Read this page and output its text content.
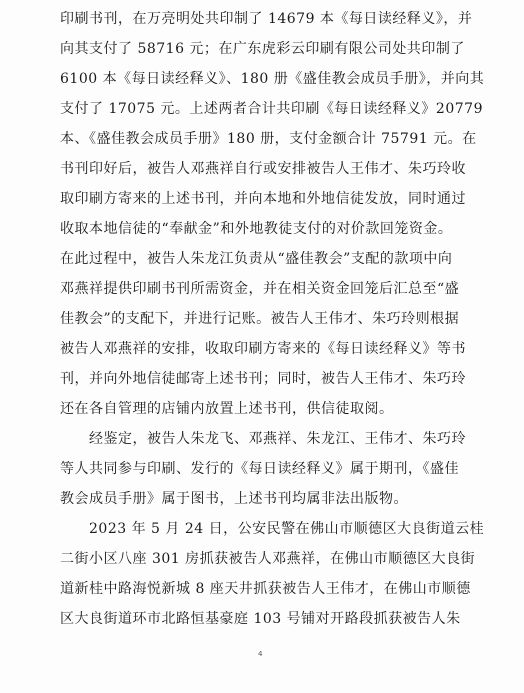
印刷书刊，在万亮明处共印制了 14679 本《每日读经释义》，并
向其支付了 58716 元；在广东虎彩云印刷有限公司处共印制了
6100 本《每日读经释义》、180 册《盛佳教会成员手册》，并向其
支付了 17075 元。上述两者合计共印刷《每日读经释义》20779
本、《盛佳教会成员手册》180 册，支付金额合计 75791 元。在
书刊印好后，被告人邓燕祥自行或安排被告人王伟才、朱巧玲收
取印刷方寄来的上述书刊，并向本地和外地信徒发放，同时通过
收取本地信徒的“奉献金”和外地教徒支付的对价款回笼资金。
在此过程中，被告人朱龙江负责从“盛佳教会”支配的款项中向
邓燕祥提供印刷书刊所需资金，并在相关资金回笼后汇总至“盛
佳教会”的支配下，并进行记账。被告人王伟才、朱巧玲则根据
被告人邓燕祥的安排，收取印刷方寄来的《每日读经释义》等书
刊，并向外地信徒邮寄上述书刊；同时，被告人王伟才、朱巧玲
还在各自管理的店铺内放置上述书刊，供信徒取阅。
　　经鉴定，被告人朱龙飞、邓燕祥、朱龙江、王伟才、朱巧玲
等人共同参与印刷、发行的《每日读经释义》属于期刊，《盛佳
教会成员手册》属于图书，上述书刊均属非法出版物。
　　2023 年 5 月 24 日，公安民警在佛山市顺德区大良街道云桂
二街小区八座 301 房抓获被告人邓燕祥，在佛山市顺德区大良街
道新桂中路海悦新城 8 座天井抓获被告人王伟才，在佛山市顺德
区大良街道环市北路恒基豪庭 103 号铺对开路段抓获被告人朱
4
